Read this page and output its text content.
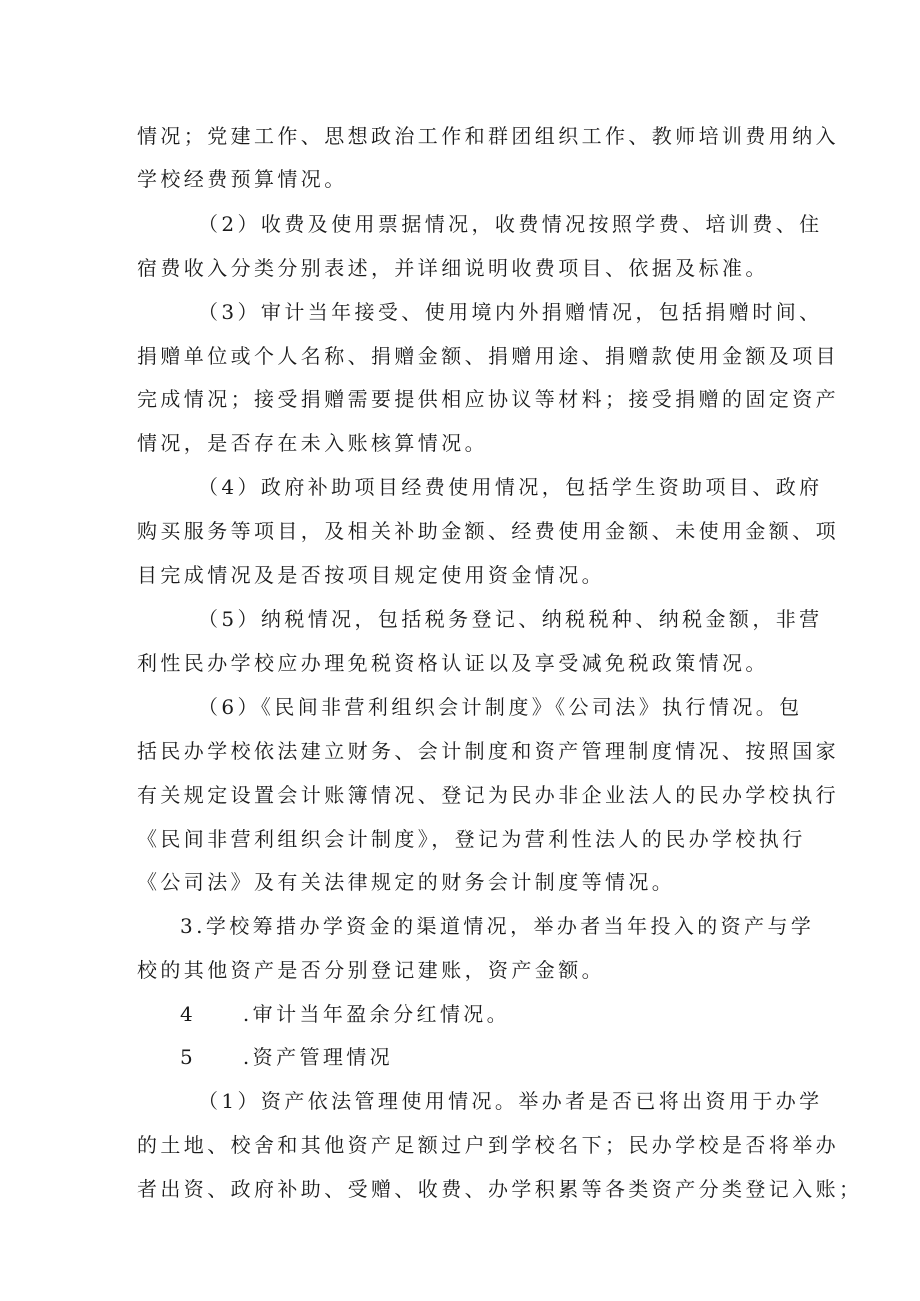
情况；党建工作、思想政治工作和群团组织工作、教师培训费用纳入
学校经费预算情况。
（2）收费及使用票据情况，收费情况按照学费、培训费、住
宿费收入分类分别表述，并详细说明收费项目、依据及标准。
（3）审计当年接受、使用境内外捐赠情况，包括捐赠时间、
捐赠单位或个人名称、捐赠金额、捐赠用途、捐赠款使用金额及项目
完成情况；接受捐赠需要提供相应协议等材料；接受捐赠的固定资产
情况，是否存在未入账核算情况。
（4）政府补助项目经费使用情况，包括学生资助项目、政府
购买服务等项目，及相关补助金额、经费使用金额、未使用金额、项
目完成情况及是否按项目规定使用资金情况。
（5）纳税情况，包括税务登记、纳税税种、纳税金额，非营
利性民办学校应办理免税资格认证以及享受减免税政策情况。
（6）《民间非营利组织会计制度》《公司法》执行情况。包
括民办学校依法建立财务、会计制度和资产管理制度情况、按照国家
有关规定设置会计账簿情况、登记为民办非企业法人的民办学校执行
《民间非营利组织会计制度》，登记为营利性法人的民办学校执行
《公司法》及有关法律规定的财务会计制度等情况。
3.学校筹措办学资金的渠道情况，举办者当年投入的资产与学
校的其他资产是否分别登记建账，资产金额。
4　　.审计当年盈余分红情况。
5　　.资产管理情况
（1）资产依法管理使用情况。举办者是否已将出资用于办学
的土地、校舍和其他资产足额过户到学校名下；民办学校是否将举办
者出资、政府补助、受赠、收费、办学积累等各类资产分类登记入账；
